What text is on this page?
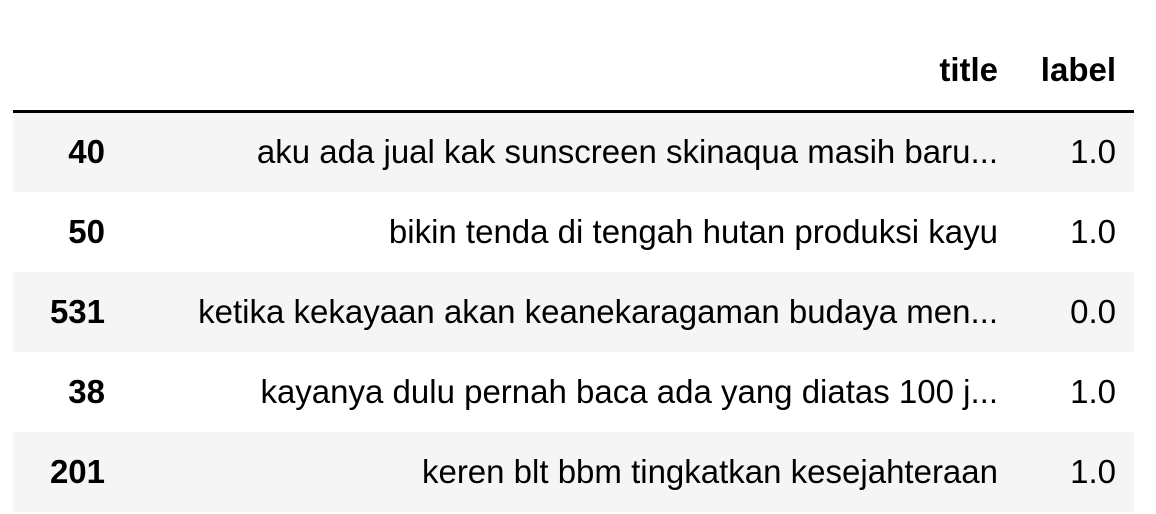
	title	label
40	aku ada jual kak sunscreen skinaqua masih baru...	1.0
50	bikin tenda di tengah hutan produksi kayu	1.0
531	ketika kekayaan akan keanekaragaman budaya men...	0.0
38	kayanya dulu pernah baca ada yang diatas 100 j...	1.0
201	keren blt bbm tingkatkan kesejahteraan	1.0
